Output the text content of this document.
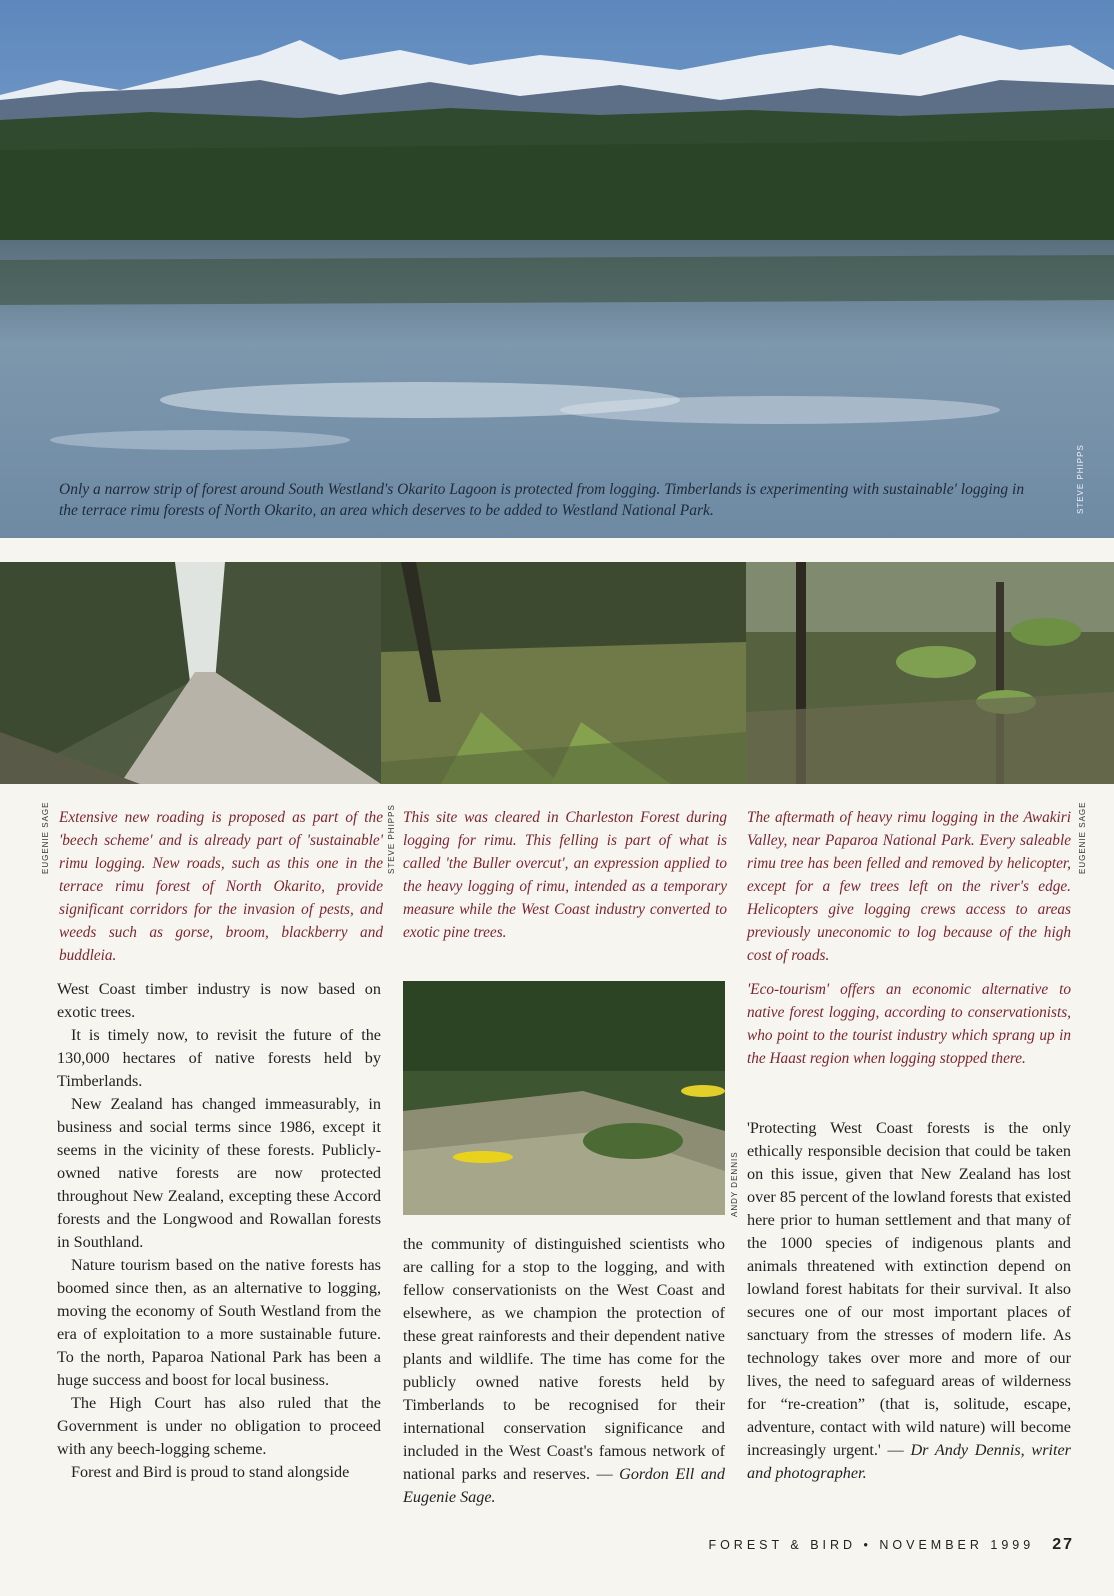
STEVE PHIPPS
Only a narrow strip of forest around South Westland's Okarito Lagoon is protected from logging. Timberlands is experimenting with sustainable' logging in the terrace rimu forests of North Okarito, an area which deserves to be added to Westland National Park.
STEVE PHIPPS
EUGENIE SAGE	EUGENIE SAGE
Extensive new roading is proposed as part of the 'beech scheme' and is already part of 'sustainable' rimu logging. New roads, such as this one in the terrace rimu forest of North Okarito, provide significant corridors for the invasion of pests, and weeds such as gorse, broom, blackberry and buddleia.
This site was cleared in Charleston Forest during logging for rimu. This felling is part of what is called 'the Buller overcut', an expression applied to the heavy logging of rimu, intended as a temporary measure while the West Coast industry converted to exotic pine trees.
The aftermath of heavy rimu logging in the Awakiri Valley, near Paparoa National Park. Every saleable rimu tree has been felled and removed by helicopter, except for a few trees left on the river's edge. Helicopters give logging crews access to areas previously uneconomic to log because of the high cost of roads.

West Coast timber industry is now based on exotic trees.

It is timely now, to revisit the future of the 130,000 hectares of native forests held by Timberlands.

New Zealand has changed immeasurably, in business and social terms since 1986, except it seems in the vicinity of these forests. Publicly-owned native forests are now protected throughout New Zealand, excepting these Accord forests and the Longwood and Rowallan forests in Southland.

Nature tourism based on the native forests has boomed since then, as an alternative to logging, moving the economy of South Westland from the era of exploitation to a more sustainable future. To the north, Paparoa National Park has been a huge success and boost for local business.

The High Court has also ruled that the Government is under no obligation to proceed with any beech-logging scheme.

Forest and Bird is proud to stand alongside

ANDY DENNIS

the community of distinguished scientists who are calling for a stop to the logging, and with fellow conservationists on the West Coast and elsewhere, as we champion the protection of these great rainforests and their dependent native plants and wildlife. The time has come for the publicly owned native forests held by Timberlands to be recognised for their international conservation significance and included in the West Coast's famous network of national parks and reserves. — Gordon Ell and Eugenie Sage.

'Eco-tourism' offers an economic alternative to native forest logging, according to conservationists, who point to the tourist industry which sprang up in the Haast region when logging stopped there.
'Protecting West Coast forests is the only ethically responsible decision that could be taken on this issue, given that New Zealand has lost over 85 percent of the lowland forests that existed here prior to human settlement and that many of the 1000 species of indigenous plants and animals threatened with extinction depend on lowland forest habitats for their survival. It also secures one of our most important places of sanctuary from the stresses of modern life. As technology takes over more and more of our lives, the need to safeguard areas of wilderness for “re-creation” (that is, solitude, escape, adventure, contact with wild nature) will become increasingly urgent.' — Dr Andy Dennis, writer and photographer.
FOREST & BIRD • NOVEMBER 1999 27
